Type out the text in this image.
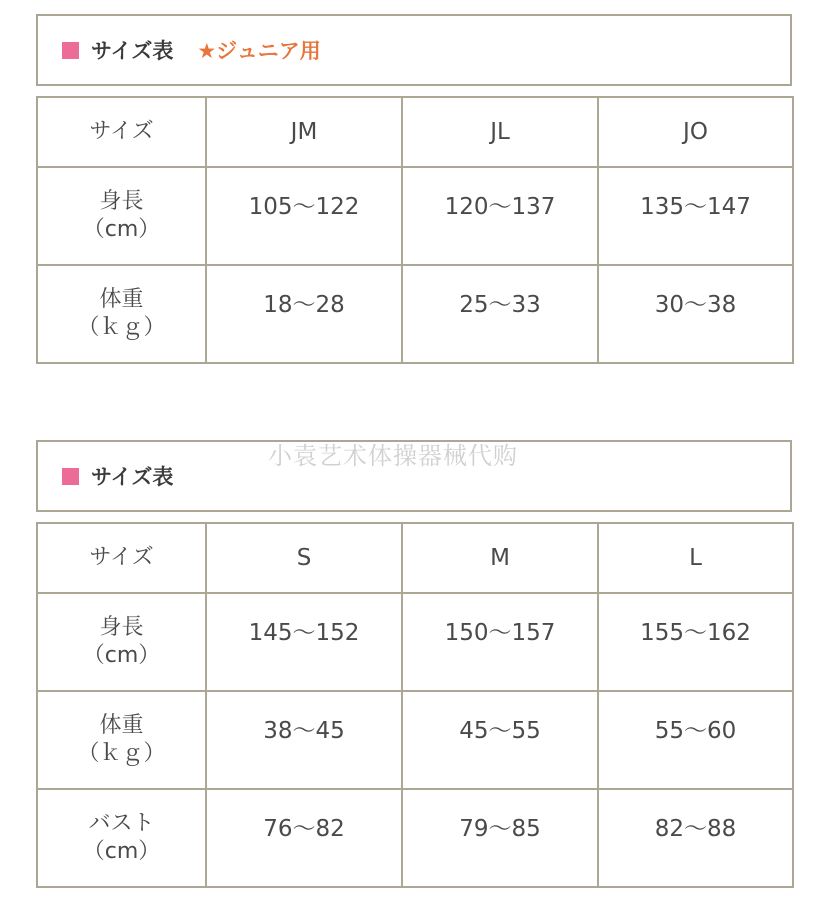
サイズ表 ★ジュニア用
サイズ	JM	JL	JO

身長
（cm）	105〜122	120〜137	135〜147

体重
（ｋｇ）	18〜28	25〜33	30〜38
サイズ表
サイズ	S	M	L

身長
（cm）	145〜152	150〜157	155〜162

体重
（ｋｇ）	38〜45	45〜55	55〜60

バスト
（cm）	76〜82	79〜85	82〜88
小袁艺术体操器械代购
